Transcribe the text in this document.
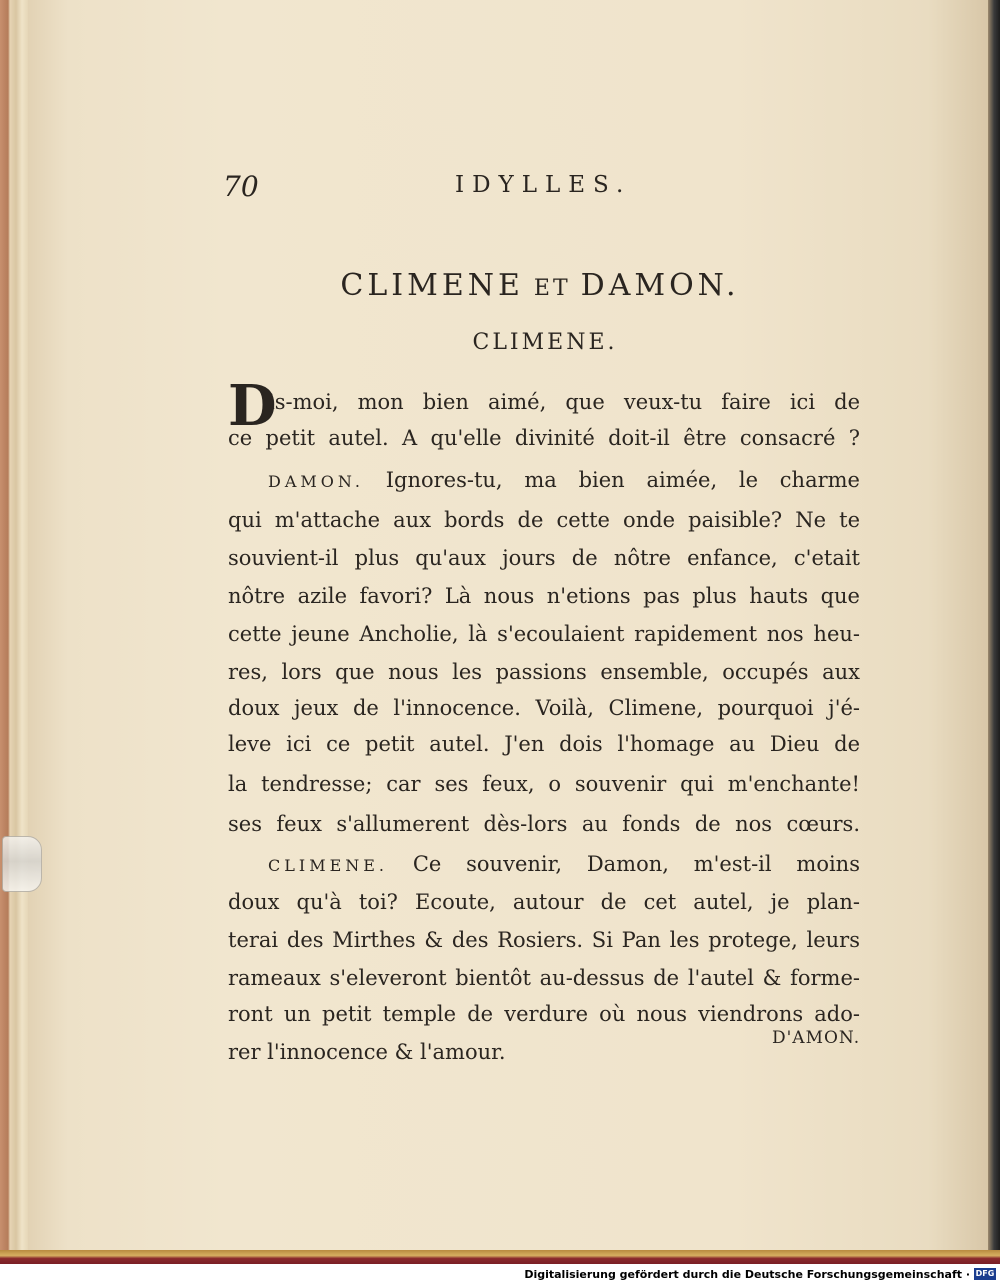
70	IDYLLES.
CLIMENE ET DAMON.
CLIMENE.
D
is-moi, mon bien aimé, que veux-tu faire ici de
ce petit autel. A qu'elle divinité doit-il être consacré ?
DAMON. Ignores-tu, ma bien aimée, le charme
qui m'attache aux bords de cette onde paisible? Ne te
souvient-il plus qu'aux jours de nôtre enfance, c'etait
nôtre azile favori? Là nous n'etions pas plus hauts que
cette jeune Ancholie, là s'ecoulaient rapidement nos heu-
res, lors que nous les passions ensemble, occupés aux
doux jeux de l'innocence. Voilà, Climene, pourquoi j'é-
leve ici ce petit autel. J'en dois l'homage au Dieu de
la tendresse; car ses feux, o souvenir qui m'enchante!
ses feux s'allumerent dès-lors au fonds de nos cœurs.
CLIMENE. Ce souvenir, Damon, m'est-il moins
doux qu'à toi? Ecoute, autour de cet autel, je plan-
terai des Mirthes & des Rosiers. Si Pan les protege, leurs
rameaux s'eleveront bientôt au-dessus de l'autel & forme-
ront un petit temple de verdure où nous viendrons ado-
rer l'innocence & l'amour.
D'AMON.
Digitalisierung gefördert durch die Deutsche Forschungsgemeinschaft · DFG
